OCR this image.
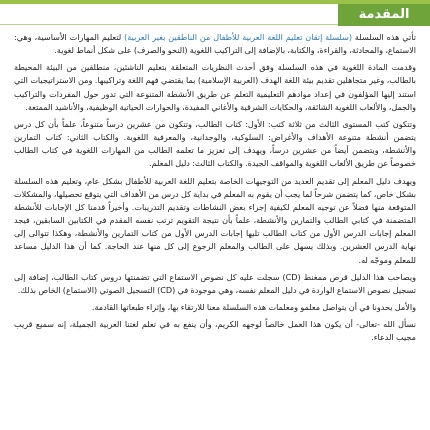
المقدمة

تأتي هذه السلسلة (سلسلة إتقان تعليم اللغة العربية للأطفال من الناطقين بغير العربية) لتعليم المهارات الأساسية، وهي: الاستماع، والمحادثة، والقراءة، والكتابة، بالإضافة إلى التراكيب اللغوية (النحو والصرف) على شكل أنماط لغوية.

وقدمت المادة اللغوية في هذه السلسلة وفق أحدث النظريات المتعلقة بتعليم الناشئين، منطلقين من البيئة المحيطة بالطالب، وغير متجاهلين تقديم بيئة اللغة الهدف (العربية الإسلامية) بما يقتضي فهم اللغة وتراكيبها. ومن الاستراتيجيات التي استند إليها المؤلفون في إعداد موادهم التعليمية التعلم عن طريق الأنشطة المتنوعة التي تدور حول المفردات والتراكيب والجمل، والألعاب اللغوية الشائقة، والحكايات الشرقية والأغاني المفيدة، والحوارات الحياتية الوظيفية، والأناشيد الممتعة.

وتتكون كتب المستوى الثالث من ثلاثة كتب: الأول: كتاب الطالب، وتتكون من عشرين درساً متنوعاً، علماً بأن كل درس يتضمن أنشطة متنوعة الأهداف والأغراض: السلوكية، والوجدانية، والمعرفية اللغوية. والكتاب الثاني: كتاب التمارين والأنشطة، ويتضمن أيضاً من عشرين درساً، ويهدف إلى تعزيز ما تعلمه الطالب من المهارات اللغوية في كتاب الطالب خصوصاً عن طريق الألعاب اللغوية والمواقف الجيدة. والكتاب الثالث: دليل المعلم.

ويهدف دليل المعلم إلى تقديم العديد من التوجيهات الخاصة بتعليم اللغة العربية للأطفال بشكل عام، وتعليم هذه السلسلة بشكل خاص، كما يتضمن شرحاً لما يجب أن يقوم به المعلم في بداية كل درس من الأهداف التي يتوقع تحصيلها، والمشكلات المتوقعة منها فضلاً عن توجيه المعلم لكيفية إجراء بعض النشاطات وتقديم التدريبات. وأخيراً قدمنا كل الإجابات للأنشطة المتضمنة في كتابي الطالب والتمارين والأنشطة، علماً بأن نتيجة التقويم ترتب نفسه المقدم في الكتابين السابقين، فيجد المعلم إجابات الدرس الأول من كتاب الطالب تليها إجابات الدرس الأول من كتاب التمارين والأنشطة، وهكذا تتوالى إلى نهاية الدرس العشرين. وبذلك يسهل على الطالب والمعلم الرجوع إلى كل منها عند الحاجة. كما أن هذا الدليل مساعد للمعلم وموجّه له.

ويصاحب هذا الدليل قرص ممغنط (CD) سجلت عليه كل نصوص الاستماع التي تضمنتها دروس كتاب الطالب، إضافة إلى تسجيل نصوص الاستماع الواردة في دليل المعلم نفسه، وهي موجودة في (CD) التسجيل الصوتي (الاستماع) الخاص بذلك.

والأمل يحدونا في أن يتواصل معلمو ومعلمات هذه السلسلة معنا للارتقاء بها، وإثراء طبعاتها القادمة.

نسأل الله -تعالى- أن يكون هذا العمل خالصاً لوجهه الكريم، وأن ينفع به في تعلم لغتنا العربية الجميلة، إنه سميع قريب مجيب الدعاء.
